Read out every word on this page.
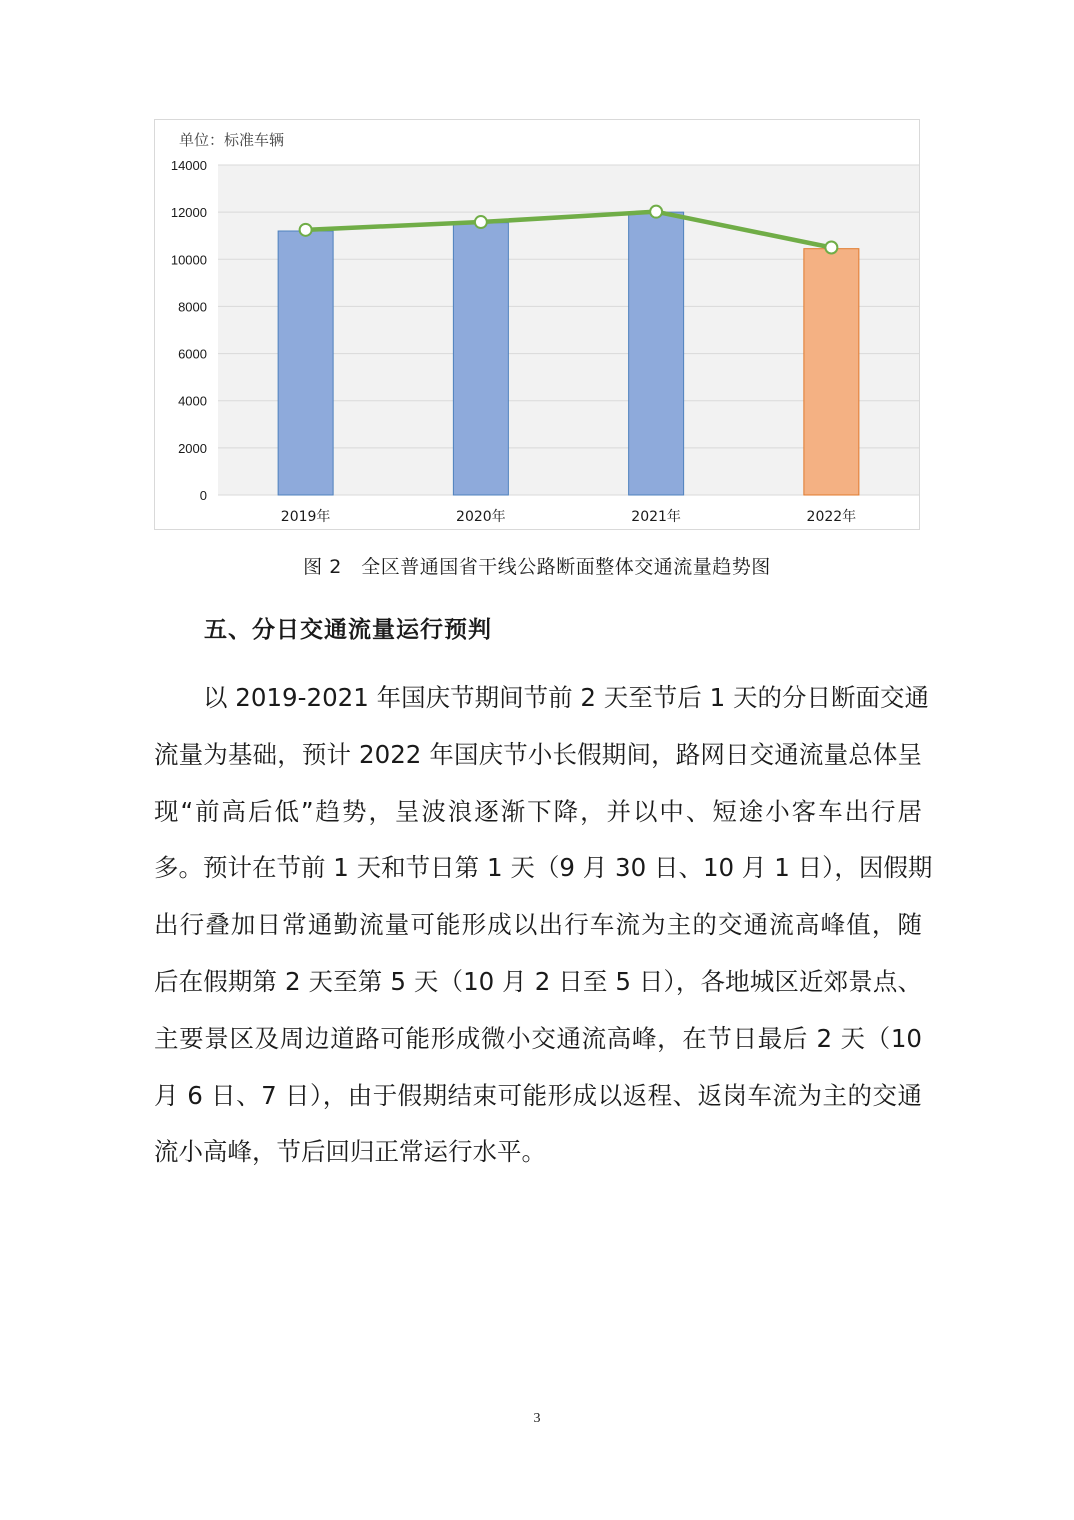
单位：标准车辆
0
2000
4000
6000
8000
10000
12000
14000
2019年	2020年	2021年	2022年
图 2　全区普通国省干线公路断面整体交通流量趋势图
五、分日交通流量运行预判
以 2019-2021 年国庆节期间节前 2 天至节后 1 天的分日断面交通
流量为基础，预计 2022 年国庆节小长假期间，路网日交通流量总体呈
现“前高后低”趋势，呈波浪逐渐下降，并以中、短途小客车出行居
多。预计在节前 1 天和节日第 1 天（9 月 30 日、10 月 1 日），因假期
出行叠加日常通勤流量可能形成以出行车流为主的交通流高峰值，随
后在假期第 2 天至第 5 天（10 月 2 日至 5 日），各地城区近郊景点、
主要景区及周边道路可能形成微小交通流高峰，在节日最后 2 天（10
月 6 日、7 日），由于假期结束可能形成以返程、返岗车流为主的交通
流小高峰，节后回归正常运行水平。
3
